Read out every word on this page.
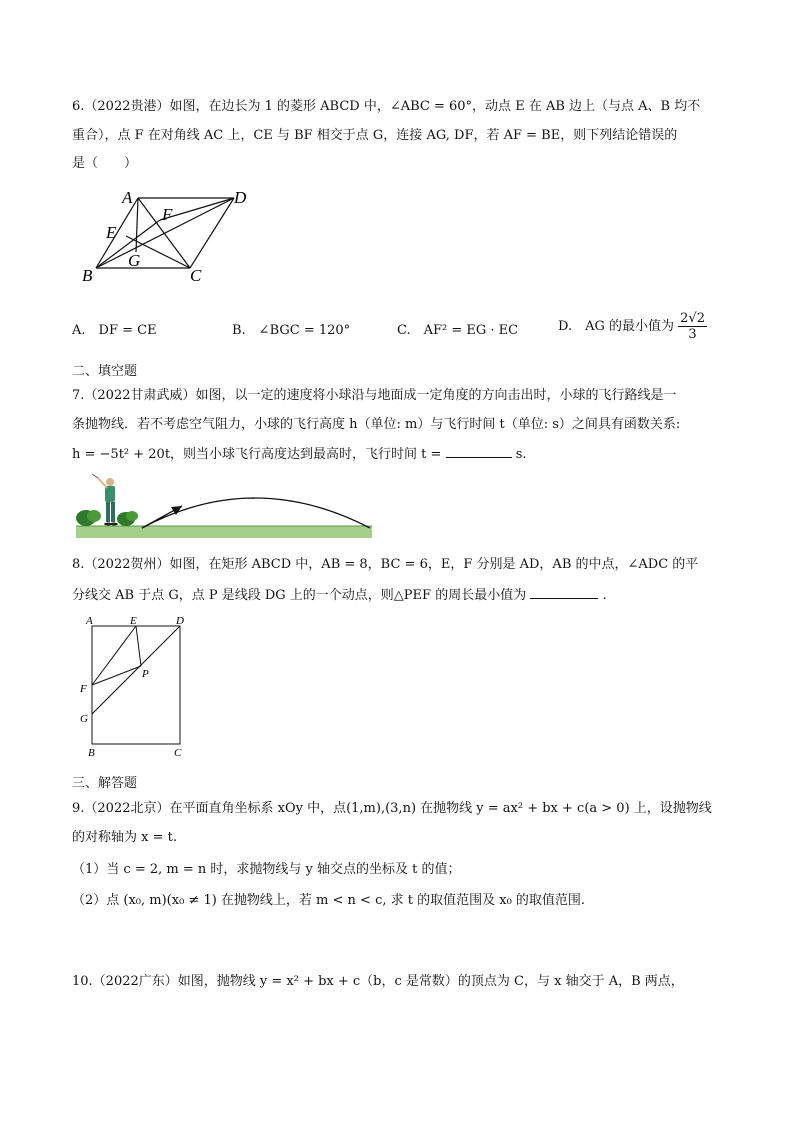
6.（2022贵港）如图，在边长为 1 的菱形 ABCD 中，∠ABC = 60°，动点 E 在 AB 边上（与点 A、B 均不
重合），点 F 在对角线 AC 上，CE 与 BF 相交于点 G，连接 AG, DF，若 AF = BE，则下列结论错误的
是（　　）
A	D
F
E
G
B	C
A.　DF = CE	B.　∠BGC = 120°	C.　AF² = EG · EC	D.　AG 的最小值为 $\frac{2√2}{3}$
二、填空题
7.（2022甘肃武威）如图，以一定的速度将小球沿与地面成一定角度的方向击出时，小球的飞行路线是一
条抛物线．若不考虑空气阻力，小球的飞行高度 h（单位: m）与飞行时间 t（单位: s）之间具有函数关系:
h = −5t² + 20t，则当小球飞行高度达到最高时，飞行时间 t =	s.
8.（2022贺州）如图，在矩形 ABCD 中，AB = 8，BC = 6，E，F 分别是 AD，AB 的中点，∠ADC 的平
分线交 AB 于点 G，点 P 是线段 DG 上的一个动点，则△PEF 的周长最小值为	.
A	E	D
P
F
G
B	C
三、解答题
9.（2022北京）在平面直角坐标系 xOy 中，点(1,m),(3,n) 在抛物线 y = ax² + bx + c(a > 0) 上，设抛物线
的对称轴为 x = t.
（1）当 c = 2, m = n 时，求抛物线与 y 轴交点的坐标及 t 的值；
（2）点 (x₀, m)(x₀ ≠ 1) 在抛物线上，若 m < n < c, 求 t 的取值范围及 x₀ 的取值范围.
10.（2022广东）如图，抛物线 y = x² + bx + c（b，c 是常数）的顶点为 C，与 x 轴交于 A，B 两点，
